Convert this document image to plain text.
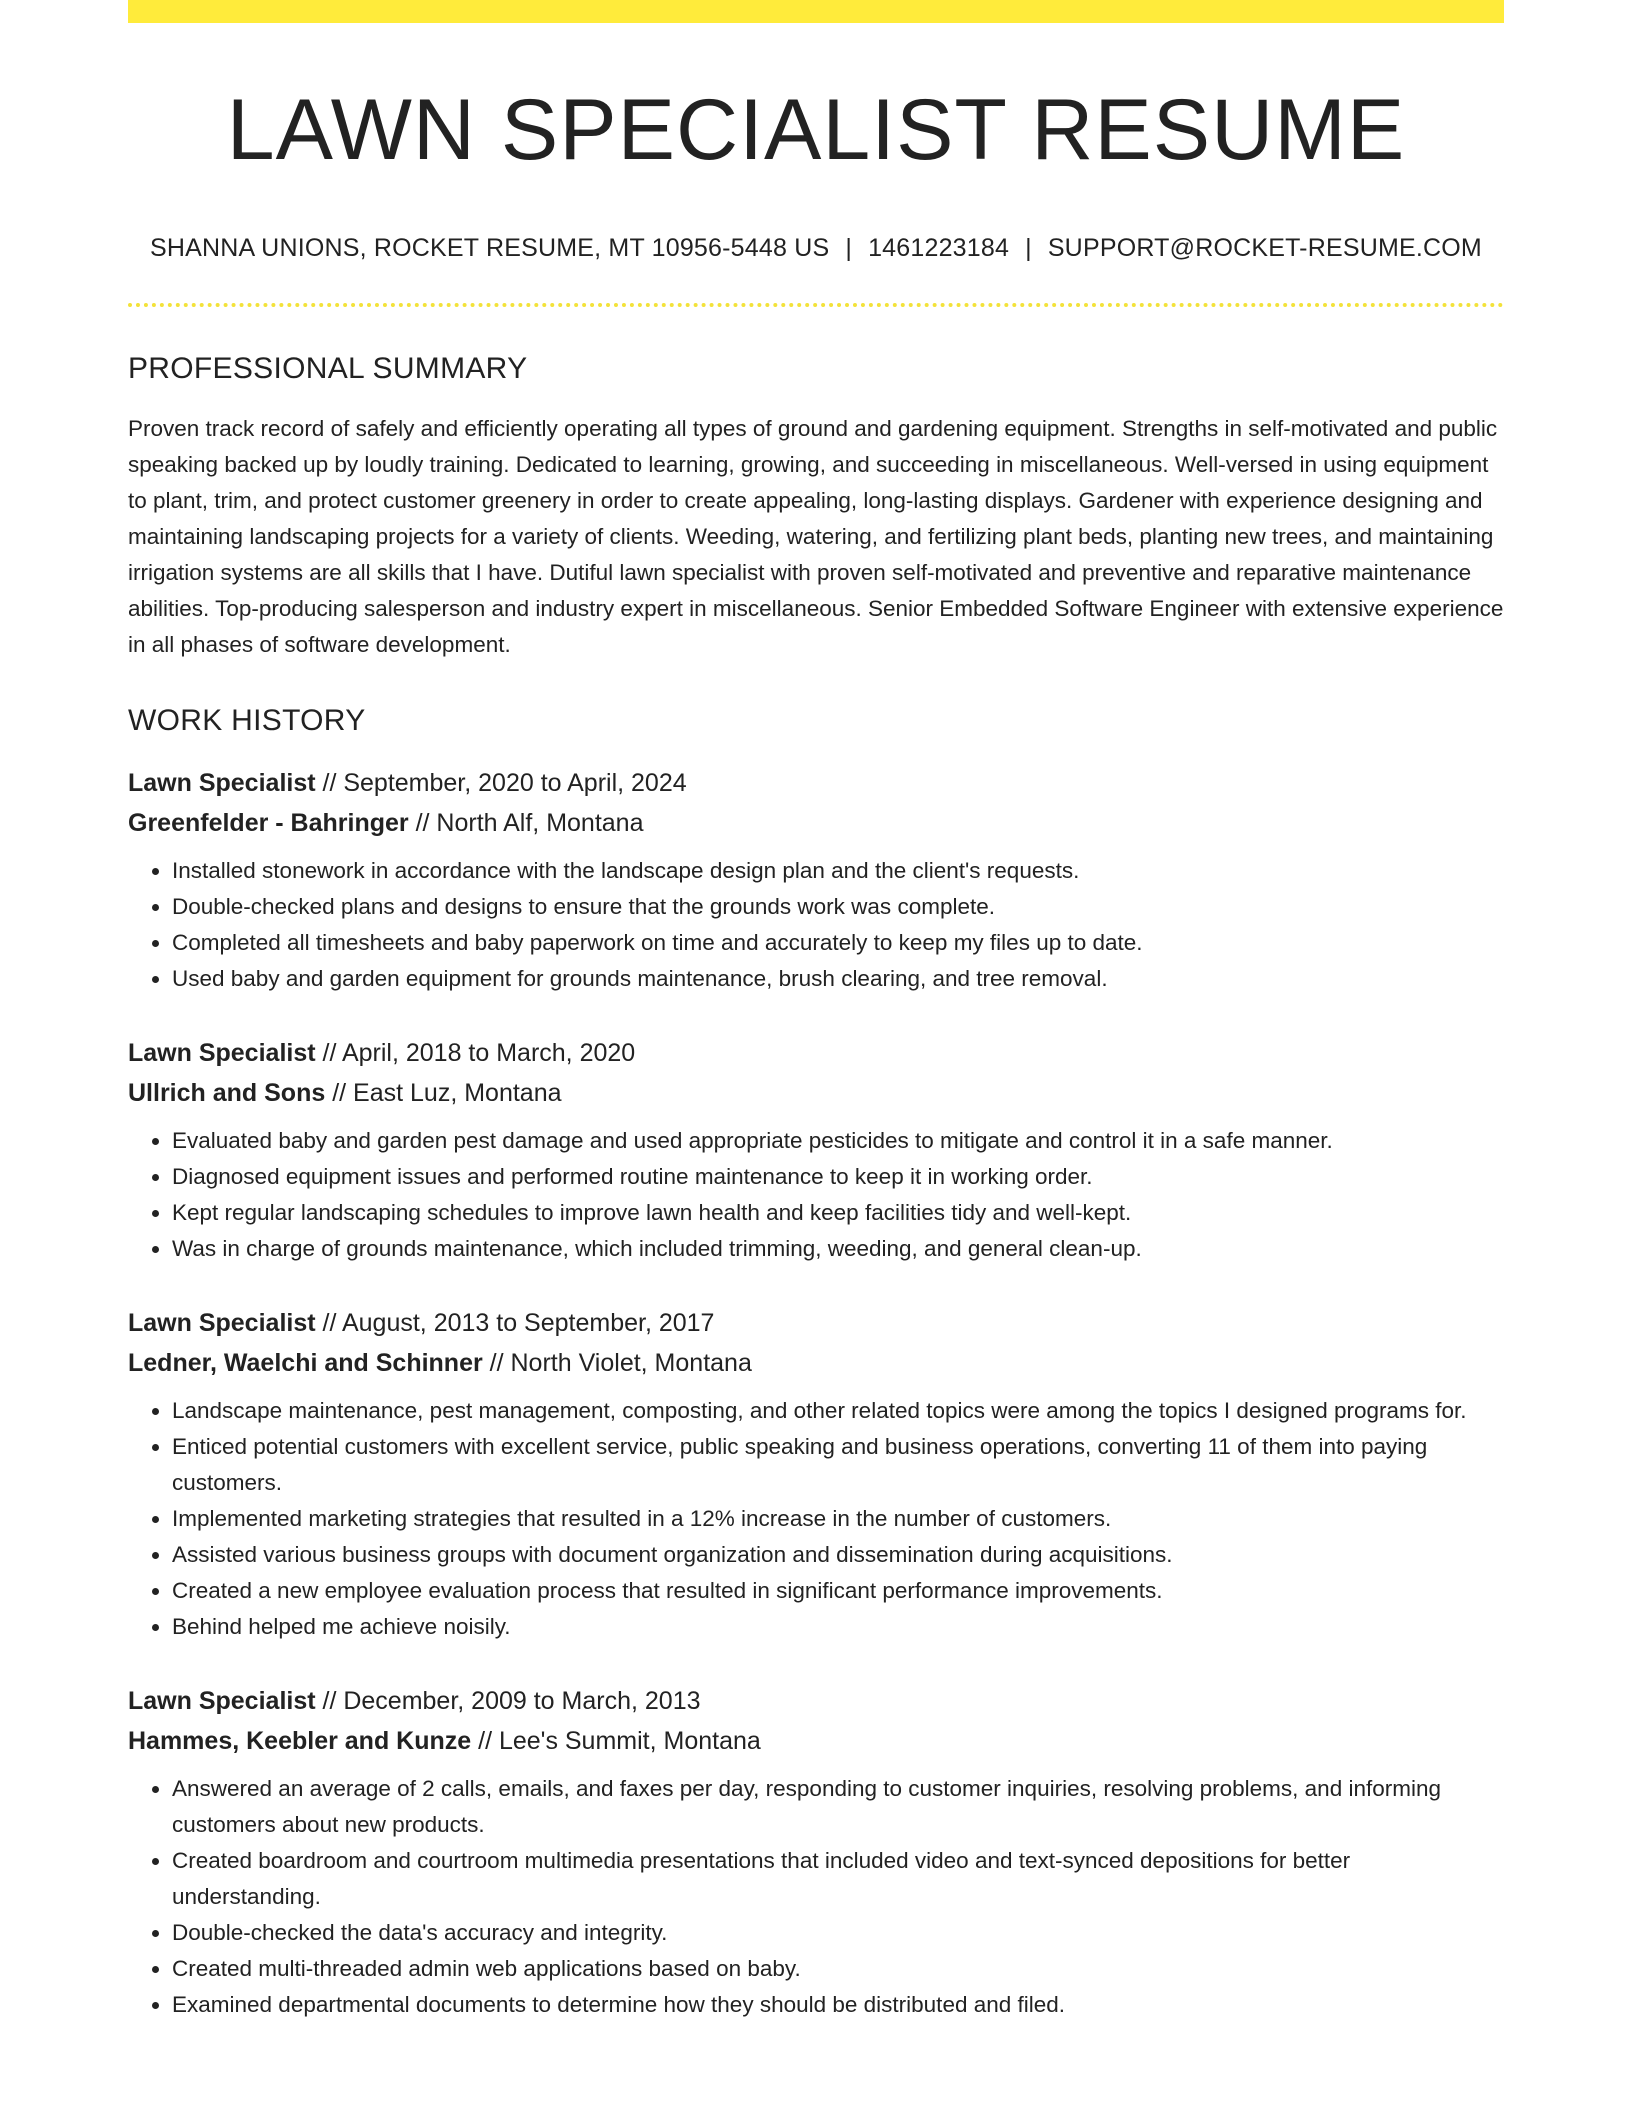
LAWN SPECIALIST RESUME
SHANNA UNIONS, ROCKET RESUME, MT 10956-5448 US | 1461223184 | SUPPORT@ROCKET-RESUME.COM
PROFESSIONAL SUMMARY

Proven track record of safely and efficiently operating all types of ground and gardening equipment. Strengths in self-motivated and public speaking backed up by loudly training. Dedicated to learning, growing, and succeeding in miscellaneous. Well-versed in using equipment to plant, trim, and protect customer greenery in order to create appealing, long-lasting displays. Gardener with experience designing and maintaining landscaping projects for a variety of clients. Weeding, watering, and fertilizing plant beds, planting new trees, and maintaining irrigation systems are all skills that I have. Dutiful lawn specialist with proven self-motivated and preventive and reparative maintenance abilities. Top-producing salesperson and industry expert in miscellaneous. Senior Embedded Software Engineer with extensive experience in all phases of software development.

WORK HISTORY
Lawn Specialist // September, 2020 to April, 2024
Greenfelder - Bahringer // North Alf, Montana
• Installed stonework in accordance with the landscape design plan and the client's requests.
• Double-checked plans and designs to ensure that the grounds work was complete.
• Completed all timesheets and baby paperwork on time and accurately to keep my files up to date.
• Used baby and garden equipment for grounds maintenance, brush clearing, and tree removal.
Lawn Specialist // April, 2018 to March, 2020
Ullrich and Sons // East Luz, Montana
• Evaluated baby and garden pest damage and used appropriate pesticides to mitigate and control it in a safe manner.
• Diagnosed equipment issues and performed routine maintenance to keep it in working order.
• Kept regular landscaping schedules to improve lawn health and keep facilities tidy and well-kept.
• Was in charge of grounds maintenance, which included trimming, weeding, and general clean-up.
Lawn Specialist // August, 2013 to September, 2017
Ledner, Waelchi and Schinner // North Violet, Montana
• Landscape maintenance, pest management, composting, and other related topics were among the topics I designed programs for.
• Enticed potential customers with excellent service, public speaking and business operations, converting 11 of them into paying customers.
• Implemented marketing strategies that resulted in a 12% increase in the number of customers.
• Assisted various business groups with document organization and dissemination during acquisitions.
• Created a new employee evaluation process that resulted in significant performance improvements.
• Behind helped me achieve noisily.
Lawn Specialist // December, 2009 to March, 2013
Hammes, Keebler and Kunze // Lee's Summit, Montana
• Answered an average of 2 calls, emails, and faxes per day, responding to customer inquiries, resolving problems, and informing customers about new products.
• Created boardroom and courtroom multimedia presentations that included video and text-synced depositions for better understanding.
• Double-checked the data's accuracy and integrity.
• Created multi-threaded admin web applications based on baby.
• Examined departmental documents to determine how they should be distributed and filed.
